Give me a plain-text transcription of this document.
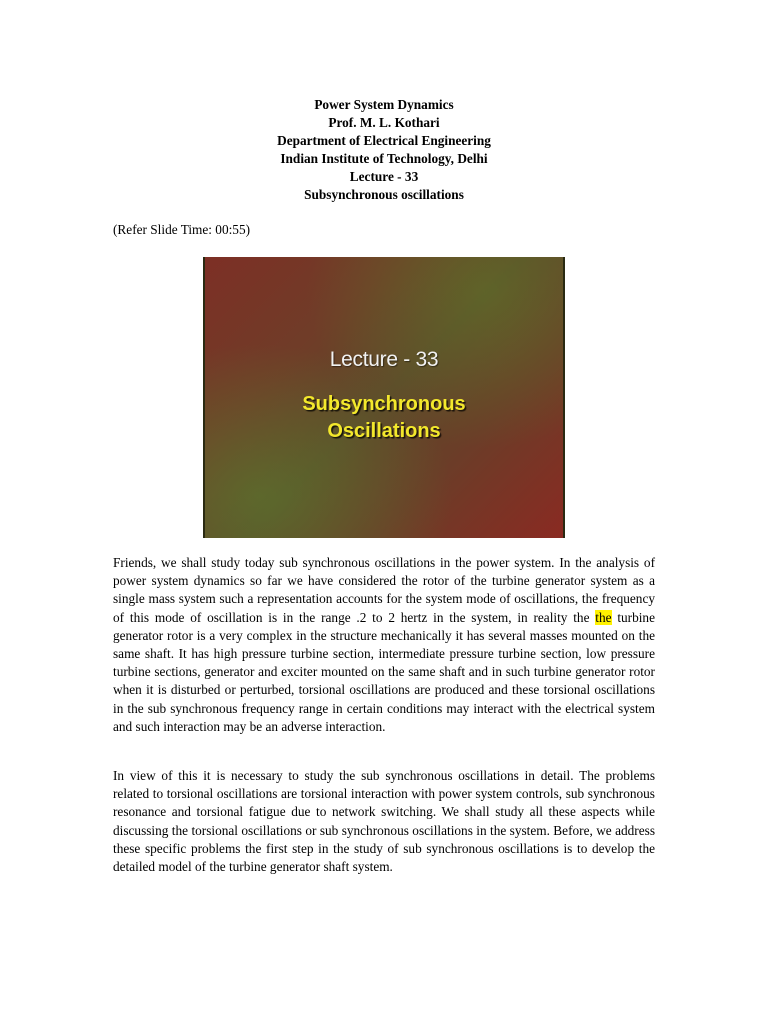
Power System Dynamics
Prof. M. L. Kothari
Department of Electrical Engineering
Indian Institute of Technology, Delhi
Lecture - 33
Subsynchronous oscillations
(Refer Slide Time: 00:55)
Lecture - 33
Subsynchronous
Oscillations
Friends, we shall study today sub synchronous oscillations in the power system. In the analysis of power system dynamics so far we have considered the rotor of the turbine generator system as a single mass system such a representation accounts for the system mode of oscillations, the frequency of this mode of oscillation is in the range .2 to 2 hertz in the system, in reality the the turbine generator rotor is a very complex in the structure mechanically it has several masses mounted on the same shaft. It has high pressure turbine section, intermediate pressure turbine section, low pressure turbine sections, generator and exciter mounted on the same shaft and in such turbine generator rotor when it is disturbed or perturbed, torsional oscillations are produced and these torsional oscillations in the sub synchronous frequency range in certain conditions may interact with the electrical system and such interaction may be an adverse interaction.
In view of this it is necessary to study the sub synchronous oscillations in detail. The problems related to torsional oscillations are torsional interaction with power system controls, sub synchronous resonance and torsional fatigue due to network switching. We shall study all these aspects while discussing the torsional oscillations or sub synchronous oscillations in the system. Before, we address these specific problems the first step in the study of sub synchronous oscillations is to develop the detailed model of the turbine generator shaft system.
